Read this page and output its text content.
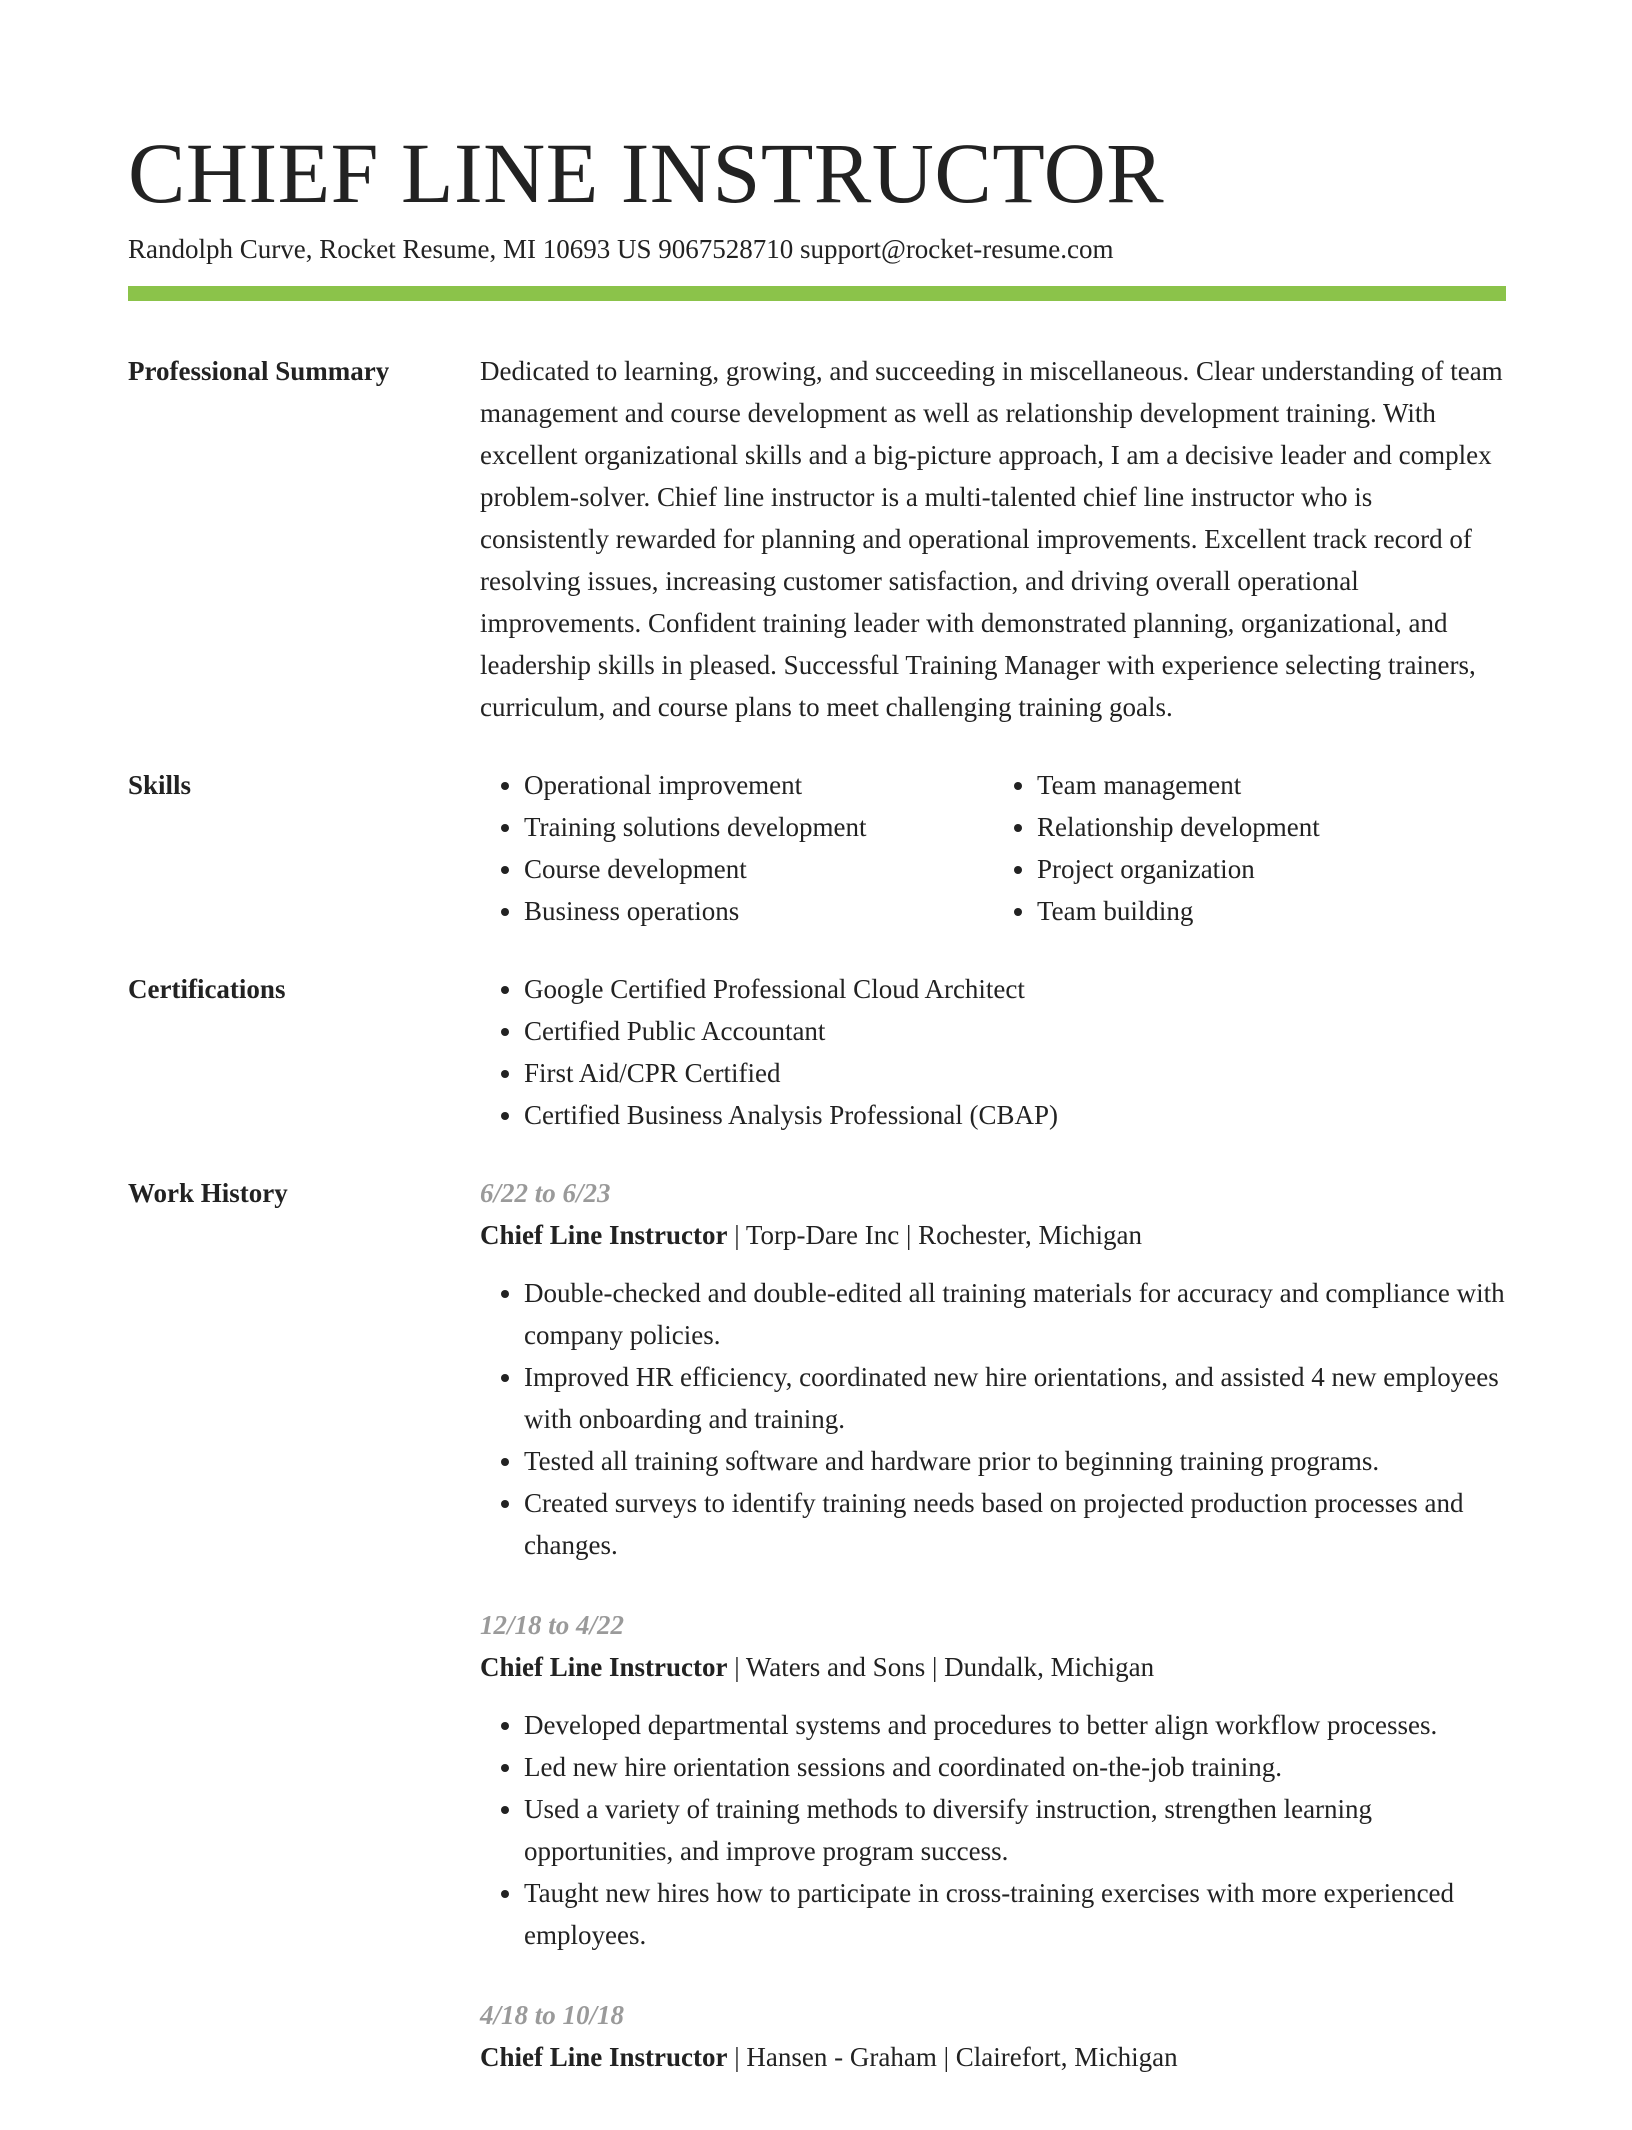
CHIEF LINE INSTRUCTOR
Randolph Curve, Rocket Resume, MI 10693 US 9067528710 support@rocket-resume.com
Professional Summary	Dedicated to learning, growing, and succeeding in miscellaneous. Clear understanding of team management and course development as well as relationship development training. With excellent organizational skills and a big-picture approach, I am a decisive leader and complex problem-solver. Chief line instructor is a multi-talented chief line instructor who is consistently rewarded for planning and operational improvements. Excellent track record of resolving issues, increasing customer satisfaction, and driving overall operational improvements. Confident training leader with demonstrated planning, organizational, and leadership skills in pleased. Successful Training Manager with experience selecting trainers, curriculum, and course plans to meet challenging training goals.

Skills	• Operational improvement
• Training solutions development
• Course development
• Business operations
• Team management
• Relationship development
• Project organization
• Team building
Certifications	• Google Certified Professional Cloud Architect
• Certified Public Accountant
• First Aid/CPR Certified
• Certified Business Analysis Professional (CBAP)
Work History	6/22 to 6/23
Chief Line Instructor | Torp-Dare Inc | Rochester, Michigan
• Double-checked and double-edited all training materials for accuracy and compliance with company policies.
• Improved HR efficiency, coordinated new hire orientations, and assisted 4 new employees with onboarding and training.
• Tested all training software and hardware prior to beginning training programs.
• Created surveys to identify training needs based on projected production processes and changes.
12/18 to 4/22
Chief Line Instructor | Waters and Sons | Dundalk, Michigan
• Developed departmental systems and procedures to better align workflow processes.
• Led new hire orientation sessions and coordinated on-the-job training.
• Used a variety of training methods to diversify instruction, strengthen learning opportunities, and improve program success.
• Taught new hires how to participate in cross-training exercises with more experienced employees.
4/18 to 10/18
Chief Line Instructor | Hansen - Graham | Clairefort, Michigan
